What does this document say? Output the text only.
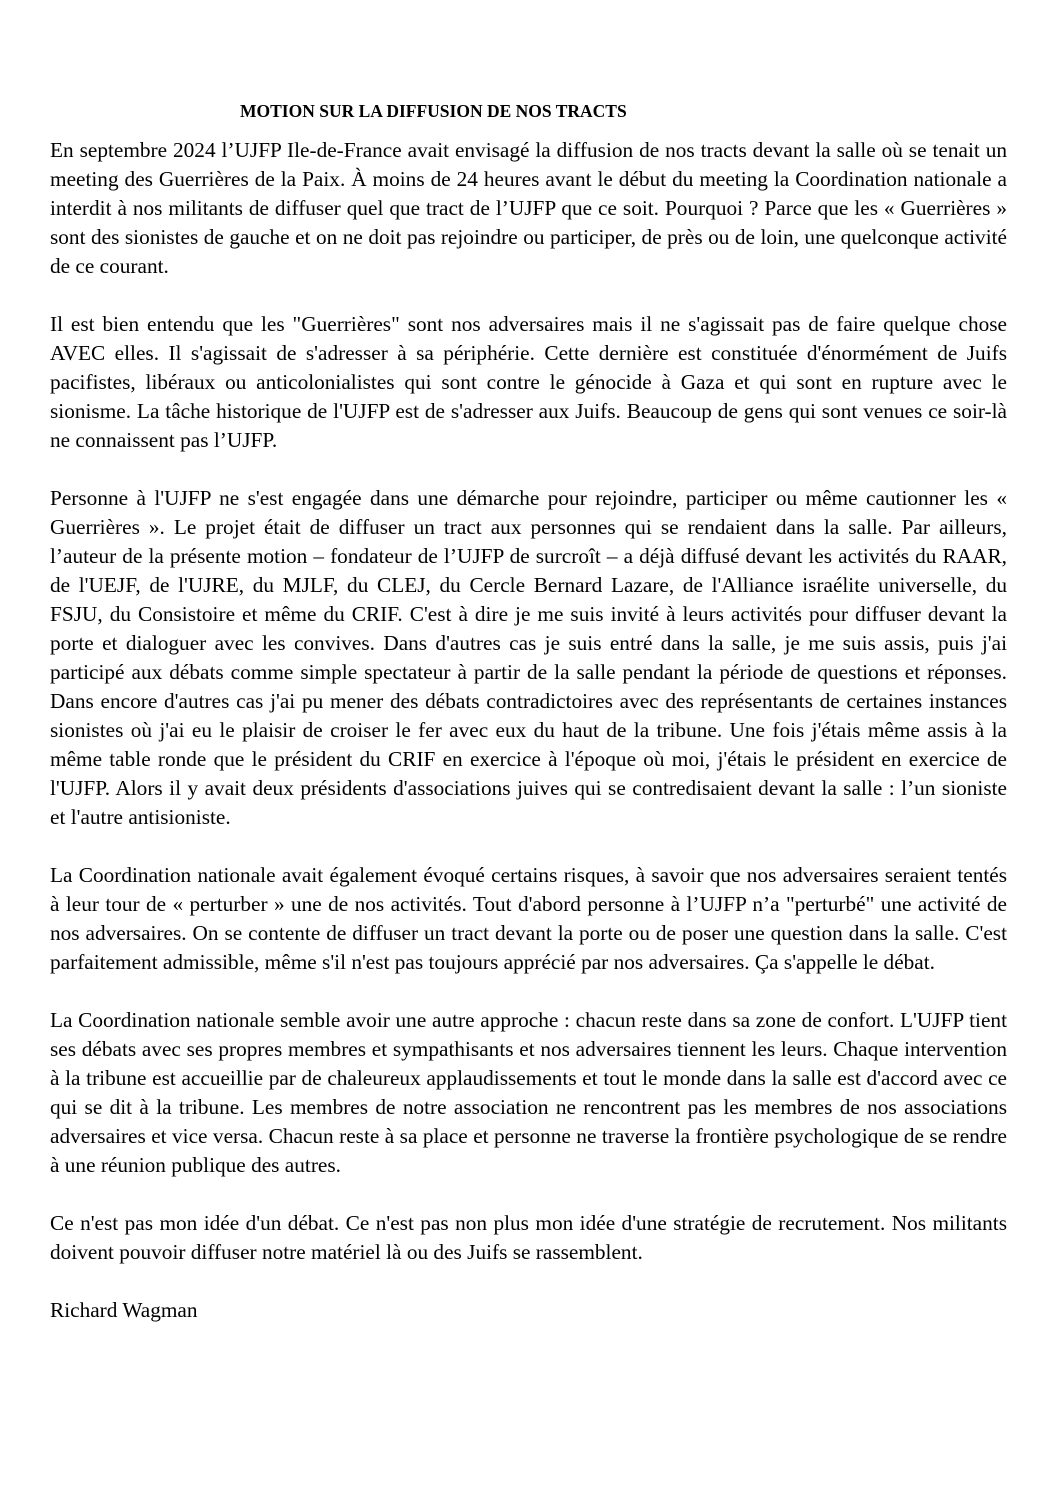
MOTION SUR LA DIFFUSION DE NOS TRACTS

En septembre 2024 l’UJFP Ile-de-France avait envisagé la diffusion de nos tracts devant la salle où se tenait un meeting des Guerrières de la Paix. À moins de 24 heures avant le début du meeting la Coordination nationale a interdit à nos militants de diffuser quel que tract de l’UJFP que ce soit. Pourquoi ? Parce que les « Guerrières » sont des sionistes de gauche et on ne doit pas rejoindre ou participer, de près ou de loin, une quelconque activité de ce courant.

Il est bien entendu que les "Guerrières" sont nos adversaires mais il ne s'agissait pas de faire quelque chose AVEC elles. Il s'agissait de s'adresser à sa périphérie. Cette dernière est constituée d'énormément de Juifs pacifistes, libéraux ou anticolonialistes qui sont contre le génocide à Gaza et qui sont en rupture avec le sionisme. La tâche historique de l'UJFP est de s'adresser aux Juifs. Beaucoup de gens qui sont venues ce soir-là ne connaissent pas l’UJFP.

Personne à l'UJFP ne s'est engagée dans une démarche pour rejoindre, participer ou même cautionner les « Guerrières ». Le projet était de diffuser un tract aux personnes qui se rendaient dans la salle. Par ailleurs, l’auteur de la présente motion – fondateur de l’UJFP de surcroît – a déjà diffusé devant les activités du RAAR, de l'UEJF, de l'UJRE, du MJLF, du CLEJ, du Cercle Bernard Lazare, de l'Alliance israélite universelle, du FSJU, du Consistoire et même du CRIF. C'est à dire je me suis invité à leurs activités pour diffuser devant la porte et dialoguer avec les convives. Dans d'autres cas je suis entré dans la salle, je me suis assis, puis j'ai participé aux débats comme simple spectateur à partir de la salle pendant la période de questions et réponses. Dans encore d'autres cas j'ai pu mener des débats contradictoires avec des représentants de certaines instances sionistes où j'ai eu le plaisir de croiser le fer avec eux du haut de la tribune. Une fois j'étais même assis à la même table ronde que le président du CRIF en exercice à l'époque où moi, j'étais le président en exercice de l'UJFP. Alors il y avait deux présidents d'associations juives qui se contredisaient devant la salle : l’un sioniste et l'autre antisioniste.

La Coordination nationale avait également évoqué certains risques, à savoir que nos adversaires seraient tentés à leur tour de « perturber » une de nos activités. Tout d'abord personne à l’UJFP n’a "perturbé" une activité de nos adversaires. On se contente de diffuser un tract devant la porte ou de poser une question dans la salle. C'est parfaitement admissible, même s'il n'est pas toujours apprécié par nos adversaires. Ça s'appelle le débat.

La Coordination nationale semble avoir une autre approche : chacun reste dans sa zone de confort. L'UJFP tient ses débats avec ses propres membres et sympathisants et nos adversaires tiennent les leurs. Chaque intervention à la tribune est accueillie par de chaleureux applaudissements et tout le monde dans la salle est d'accord avec ce qui se dit à la tribune. Les membres de notre association ne rencontrent pas les membres de nos associations adversaires et vice versa. Chacun reste à sa place et personne ne traverse la frontière psychologique de se rendre à une réunion publique des autres.

Ce n'est pas mon idée d'un débat. Ce n'est pas non plus mon idée d'une stratégie de recrutement. Nos militants doivent pouvoir diffuser notre matériel là ou des Juifs se rassemblent.

Richard Wagman
